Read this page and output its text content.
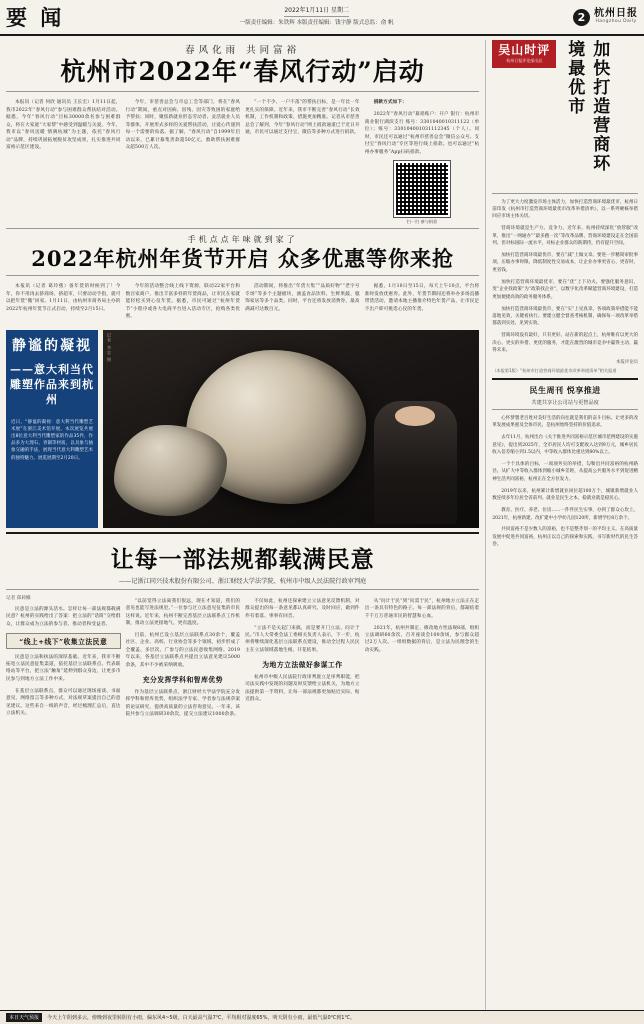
要 闻	2022年1月11日 星期二
一版责任编辑：朱铁辉 本版责任编辑：钱宇静 版式总监：俞 帆	2 杭州日报
Hangzhou Daily
春风化雨 共同富裕
杭州市2022年“春风行动”启动

本报讯（记者 何欣 通讯员 王长宏）1月11日起，我市2022年“春风行动”参与困难群众帮扶结对活动。据悉，今年“春风行动”目标30000余名参与困难群众，将在大家庭“大家帮”中感受到温暖与关爱。今年，我市以“春风送暖 情满杭城”为主题，依托“春风行动”品牌，持续巩固拓展脱贫攻坚成果，扎实推进共同富裕示范区建设。

今年，市慈善总会与市总工会等部门，将在“春风行动”期间，重点对因病、因残、因灾等致困的家庭给予帮扶；同时，聚焦新就业形态劳动者、灵活就业人员等群体，开展形式多样的关爱帮扶活动，让爱心传递到每一个需要的角落。据了解，“春风行动”自1999年启动以来，已累计募集善款超50亿元，救助帮扶困难群众超500万人次。

“一个不少、一户不落”的帮扶目标，是一年比一年更扎实的保障。近年来，我市不断完善“春风行动”长效机制，工作机制和政策、措施更加精准。记者从市慈善总会了解到，今年“春风行动”网上捐款通道已于近日开通，市民可以通过支付宝、微信等多种方式进行捐款。

捐款方式如下：

2022年“春风行动”募捐账户：开户 银行：杭州市商业银行湖滨支行 账号：3301040010311122（单位）；账号：330104001031112345（个人）。同时，市民还可以通过“杭州市慈善总会”微信公众号、支付宝“春风行动”专区等进行线上捐款。也可以通过“杭州办事服务”App扫码捐款。

扫一扫 参与捐款
手机点点年味就到家了
2022年杭州年货节开启 众多优惠等你来抢

本报讯（记者 葛玲燕）备年货的时候到了！今年，你不用再去挤商场、挤超市，只要动动手指，就可以把年货“搬”回家。1月11日，由杭州市商务局主办的2022年杭州年货节正式启动，持续至2月15日。

今年的活动整合线上线下资源，联动22家平台和数百家商户，推出丰富多样的年货商品，让市民在家就能轻松买到心仪年货。据悉，市民可通过“杭州年货节”小程序或各大电商平台进入活动专区，抢购各类优惠。

活动期间，将推出“年货大集”“品质好物”“老字号专场”等多个主题板块，涵盖食品饮料、生鲜果蔬、服饰家居等多个品类。同时，平台还将发放消费券，最高满减可达数百元。

据悉，1月10日至15日，每天上午10点，平台将准时发放优惠券。此外，年货节期间还将举办多场直播带货活动，邀请本地主播推介特色年货产品，让市民足不出户即可挑选心仪的年货。

静谧的凝视
——意大利当代雕塑作品来到杭州
近日，“静谧的凝视：意大利当代雕塑艺术展”在浙江美术馆开展。本次展览共展出8位意大利当代雕塑家的作品35件，作品多为大理石、青铜等材质，以具象与抽象交融的手法，展现当代意大利雕塑艺术的独特魅力。展览展期至2月20日。
记者 李忠 摄
让每一部法规都载满民意
——记浙江同兴技术股份有限公司、浙江财经大学法学院、杭州市中级人民法院行政审判庭
记者 郑莉娜

民意是立法的源头活水。怎样让每一部法规都载满民意？杭州的实践给出了答案：把立法的“话筒”交给群众，让群众成为立法的参与者、推动者和受益者。

“线上+线下”收集立法民意

民意是立法和执法的深厚基础。近年来，我市不断拓宽立法民意征集渠道，依托基层立法联系点、代表联络站等平台，把立法“触角”延伸到群众身边，让更多市民参与到地方立法工作中来。

在基层立法联系点，群众可以通过现场座谈、书面意见、网络留言等多种方式，对法规草案提出自己的意见建议。这些来自一线的声音，经过梳理汇总后，直达立法机关。

“以前觉得立法离我们很远，现在才知道，我们的意见也能写进法规里。”一位参与过立法意见征集的市民这样说。近年来，杭州不断完善基层立法联系点工作机制，推动立法更接地气、更有温度。

目前，杭州已设立基层立法联系点30余个，覆盖社区、企业、高校、行业协会等多个领域，初步形成了全覆盖、多层次、广参与的立法民意收集网络。2019年以来，各基层立法联系点共提出立法意见建议5000余条，其中不少被采纳吸收。

充分发挥学科和智库优势

作为基层立法联系点，浙江财经大学法学院充分发挥学科和智库优势，组织法学专家、学者参与法规草案的论证研究，提供高质量的立法咨询意见。一年来，该院共参与立法调研30余次，提交立法建议1000余条。

不仅如此，杭州还探索建立立法意见反馈机制，对群众提出的每一条意见都认真研究、及时回应，做到件件有着落、事事有回音。

“立法不是关起门来搞，而是要开门立法、问计于民。”市人大常委会法工委相关负责人表示，下一步，杭州将继续深化基层立法联系点建设，推动全过程人民民主在立法领域落地生根、开花结果。

为地方立法做好参谋工作

杭州市中级人民法院行政审判庭立足审判职能，把司法实践中发现的问题及时反馈给立法机关，为地方立法提供第一手资料，让每一部法规都更加贴近实际、贴近群众。

从“问计于民”到“问需于民”，杭州地方立法正在走出一条具有特色的路子。每一部法规的背后，都凝结着千千万万普通市民的智慧和心血。

2021年，杭州共制定、修改地方性法规8部，组织立法调研60余次，召开座谈会100余场，参与群众超过2万人次。一组组数据的背后，是立法为民理念的生动实践。

吴山时评
杭州日报评论部出品	加快打造营商环境最优市

为了更大力度激发市场主体活力，加快打造营商环境最优市，杭州日前印发《杭州市打造营商环境最优市改革举措清单》，以一系列硬核举措回应市场主体关切。

营商环境就是生产力、竞争力。近年来，杭州持续深化“放管服”改革，推出“一网通办”“最多跑一次”等改革品牌，营商环境建设走在全国前列。但对标国际一流水平，对标企业群众的新期待，仍有提升空间。

加快打造营商环境最优市，要在“减”上做文章。要进一步精简审批事项、压缩办事时限、降低制度性交易成本，让企业办事更省心、更省时、更省钱。

加快打造营商环境最优市，要在“优”上下功夫。要强化服务意识，变“企业找政策”为“政策找企业”，以数字化改革赋能营商环境建设，打造更加便捷高效的政务服务体系。

加快打造营商环境最优市，要在“实”上见真章。各项政策举措能不能落地见效，关键看执行。要建立健全督查考核机制，确保每一项改革举措都落到实处、见到实效。

营商环境没有最好，只有更好。站在新的起点上，杭州唯有以更大的决心、更实的举措、更优的服务，才能在激烈的城市竞争中赢得主动、赢得未来。

本报评论员
（本报第1版）“杭州市打造营商环境最优市改革举措清单”相关报道
民生周刊 悦享推进
共建共享让公司站与更智品度

心怀梦想老百姓对美好生活的向往就是我们的奋斗目标。让更多的改革发展成果惠及全体市民，是杭州始终坚持的价值追求。

去年11月，杭州出台《关于推进共同富裕示范区城市范例建设的实施意见》，提出到2025年，全市居民人均可支配收入达到9万元，城乡居民收入倍差缩小到1.5以内，中等收入群体比重达到80%以上。

一个个具体的目标，一项项务实的举措，勾勒出共同富裕的杭州路径。从扩大中等收入群体到缩小城乡差距，从提高公共服务水平到促进精神生活共同富裕，杭州正在全方位发力。

2019年以来，杭州累计新增就业岗位超100万个，城镇新增就业人数连续多年位居全省前列。就业是民生之本，稳就业就是稳民心。

教育、医疗、养老、住房……一件件民生实事，办到了群众心坎上。2021年，杭州新建、改扩建中小学幼儿园120所，新增学位8万余个。

共同富裕不是少数人的富裕，也不是整齐划一的平均主义。在高质量发展中促进共同富裕，杭州正以自己的探索和实践，书写新时代的民生答卷。

本日天气预报	今天上午阴到多云，傍晚到夜里转阴有小雨，偏东风4~5级，白天最高气温7℃，平均相对湿度65%，明天阴有小雨，最低气温0℃到1℃。
